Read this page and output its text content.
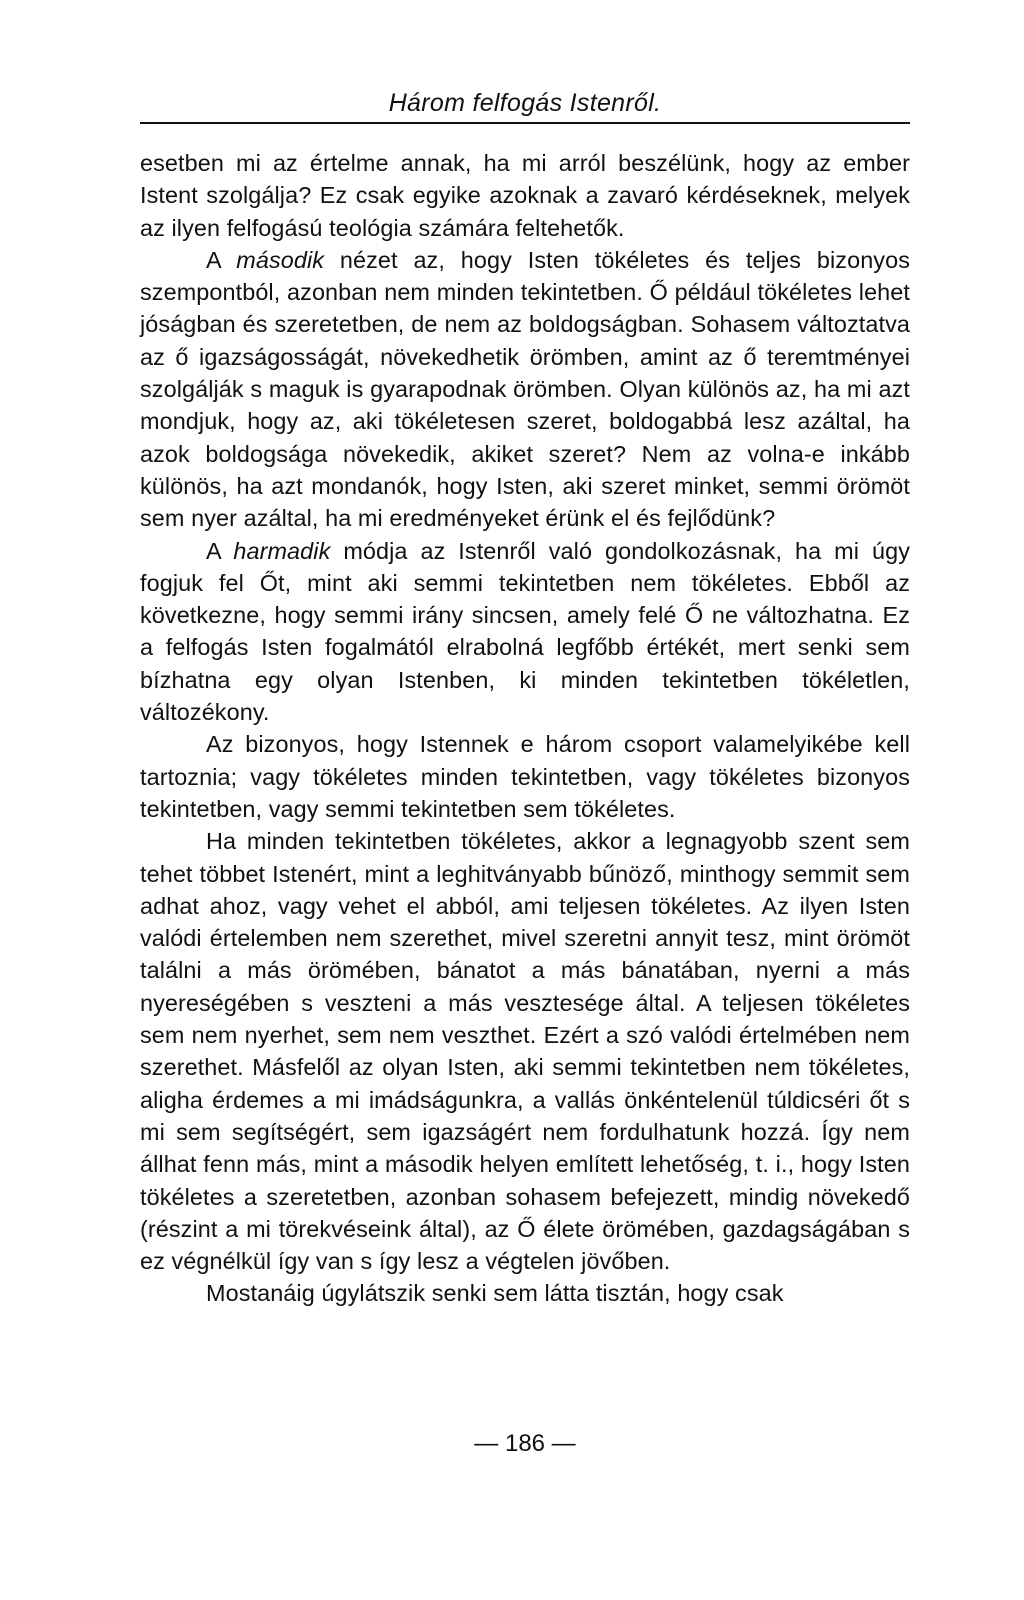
Három felfogás Istenről.

esetben mi az értelme annak, ha mi arról beszélünk, hogy az ember Istent szolgálja? Ez csak egyike azoknak a zavaró kérdéseknek, melyek az ilyen felfogású teológia számára feltehetők.

A második nézet az, hogy Isten tökéletes és teljes bizonyos szempontból, azonban nem minden tekintetben. Ő például tökéletes lehet jóságban és szeretetben, de nem az boldogságban. Sohasem változtatva az ő igazságosságát, növekedhetik örömben, amint az ő teremtményei szolgálják s maguk is gyarapodnak örömben. Olyan különös az, ha mi azt mondjuk, hogy az, aki tökéletesen szeret, boldogabbá lesz azáltal, ha azok boldogsága növekedik, akiket szeret? Nem az volna-e inkább különös, ha azt mondanók, hogy Isten, aki szeret minket, semmi örömöt sem nyer azáltal, ha mi eredményeket érünk el és fejlődünk?

A harmadik módja az Istenről való gondolkozásnak, ha mi úgy fogjuk fel Őt, mint aki semmi tekintetben nem tökéletes. Ebből az következne, hogy semmi irány sincsen, amely felé Ő ne változhatna. Ez a felfogás Isten fogalmától elrabolná legfőbb értékét, mert senki sem bízhatna egy olyan Istenben, ki minden tekintetben tökéletlen, változékony.

Az bizonyos, hogy Istennek e három csoport valamelyikébe kell tartoznia; vagy tökéletes minden tekintetben, vagy tökéletes bizonyos tekintetben, vagy semmi tekintetben sem tökéletes.

Ha minden tekintetben tökéletes, akkor a legnagyobb szent sem tehet többet Istenért, mint a leghitványabb bűnöző, minthogy semmit sem adhat ahoz, vagy vehet el abból, ami teljesen tökéletes. Az ilyen Isten valódi értelemben nem szerethet, mivel szeretni annyit tesz, mint örömöt találni a más örömében, bánatot a más bánatában, nyerni a más nyereségében s veszteni a más vesztesége által. A teljesen tökéletes sem nem nyerhet, sem nem veszthet. Ezért a szó valódi értelmében nem szerethet. Másfelől az olyan Isten, aki semmi tekintetben nem tökéletes, aligha érdemes a mi imádságunkra, a vallás önkéntelenül túldicséri őt s mi sem segítségért, sem igazságért nem fordulhatunk hozzá. Így nem állhat fenn más, mint a második helyen említett lehetőség, t. i., hogy Isten tökéletes a szeretetben, azonban sohasem befejezett, mindig növekedő (részint a mi törekvéseink által), az Ő élete örömében, gazdagságában s ez végnélkül így van s így lesz a végtelen jövőben.

Mostanáig úgylátszik senki sem látta tisztán, hogy csak

— 186 —
